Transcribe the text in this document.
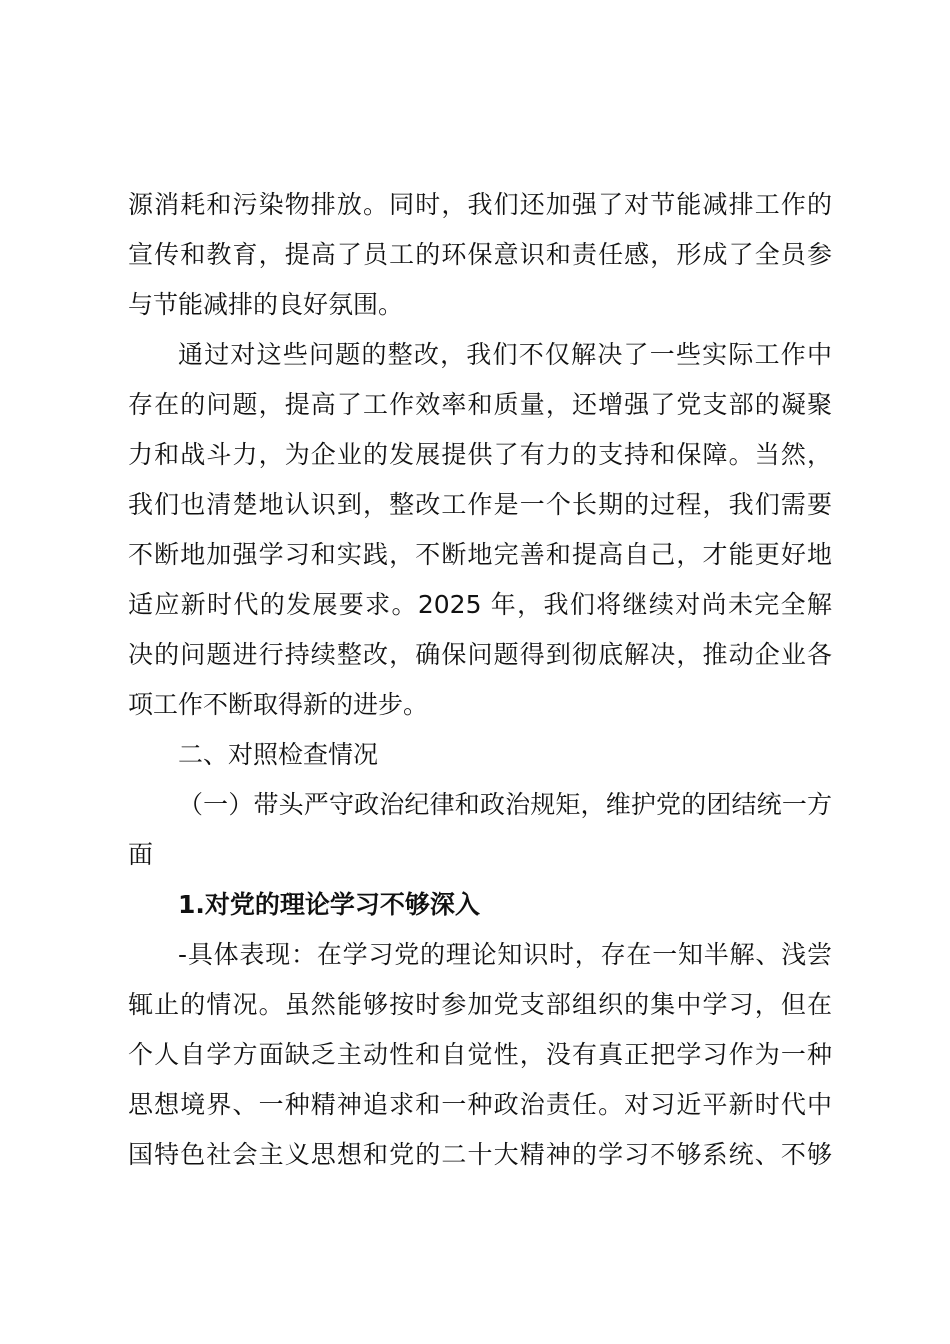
源消耗和污染物排放。同时，我们还加强了对节能减排工作的
宣传和教育，提高了员工的环保意识和责任感，形成了全员参
与节能减排的良好氛围。
通过对这些问题的整改，我们不仅解决了一些实际工作中
存在的问题，提高了工作效率和质量，还增强了党支部的凝聚
力和战斗力，为企业的发展提供了有力的支持和保障。当然，
我们也清楚地认识到，整改工作是一个长期的过程，我们需要
不断地加强学习和实践，不断地完善和提高自己，才能更好地
适应新时代的发展要求。2025 年，我们将继续对尚未完全解
决的问题进行持续整改，确保问题得到彻底解决，推动企业各
项工作不断取得新的进步。
二、对照检查情况
（一）带头严守政治纪律和政治规矩，维护党的团结统一方
面
1.对党的理论学习不够深入
-具体表现：在学习党的理论知识时，存在一知半解、浅尝
辄止的情况。虽然能够按时参加党支部组织的集中学习，但在
个人自学方面缺乏主动性和自觉性，没有真正把学习作为一种
思想境界、一种精神追求和一种政治责任。对习近平新时代中
国特色社会主义思想和党的二十大精神的学习不够系统、不够
